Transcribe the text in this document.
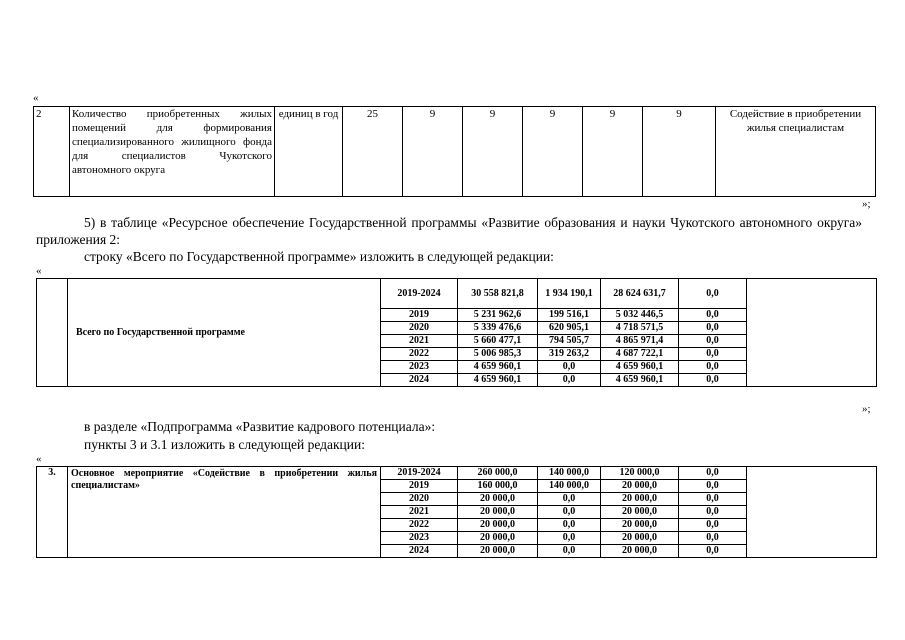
«
2	Количество приобретенных жилых помещений для формирования специализированного жилищного фонда для специалистов Чукотского автономного округа	единиц в год	25	9	9	9	9	9	Содействие в приобретении жилья специалистам
»;
5) в таблице «Ресурсное обеспечение Государственной программы «Развитие образования и науки Чукотского автономного округа» приложения 2:
строку «Всего по Государственной программе» изложить в следующей редакции:
«
	Всего по Государственной программе	2019-2024	30 558 821,8	1 934 190,1	28 624 631,7	0,0	
		2019	5 231 962,6	199 516,1	5 032 446,5	0,0	
		2020	5 339 476,6	620 905,1	4 718 571,5	0,0	
		2021	5 660 477,1	794 505,7	4 865 971,4	0,0	
		2022	5 006 985,3	319 263,2	4 687 722,1	0,0	
		2023	4 659 960,1	0,0	4 659 960,1	0,0	
		2024	4 659 960,1	0,0	4 659 960,1	0,0	
»;
в разделе «Подпрограмма «Развитие кадрового потенциала»:
пункты 3 и 3.1 изложить в следующей редакции:
«
3.	Основное мероприятие «Содействие в приобретении жилья специалистам»	2019-2024	260 000,0	140 000,0	120 000,0	0,0	
		2019	160 000,0	140 000,0	20 000,0	0,0	
		2020	20 000,0	0,0	20 000,0	0,0	
		2021	20 000,0	0,0	20 000,0	0,0	
		2022	20 000,0	0,0	20 000,0	0,0	
		2023	20 000,0	0,0	20 000,0	0,0	
		2024	20 000,0	0,0	20 000,0	0,0	
